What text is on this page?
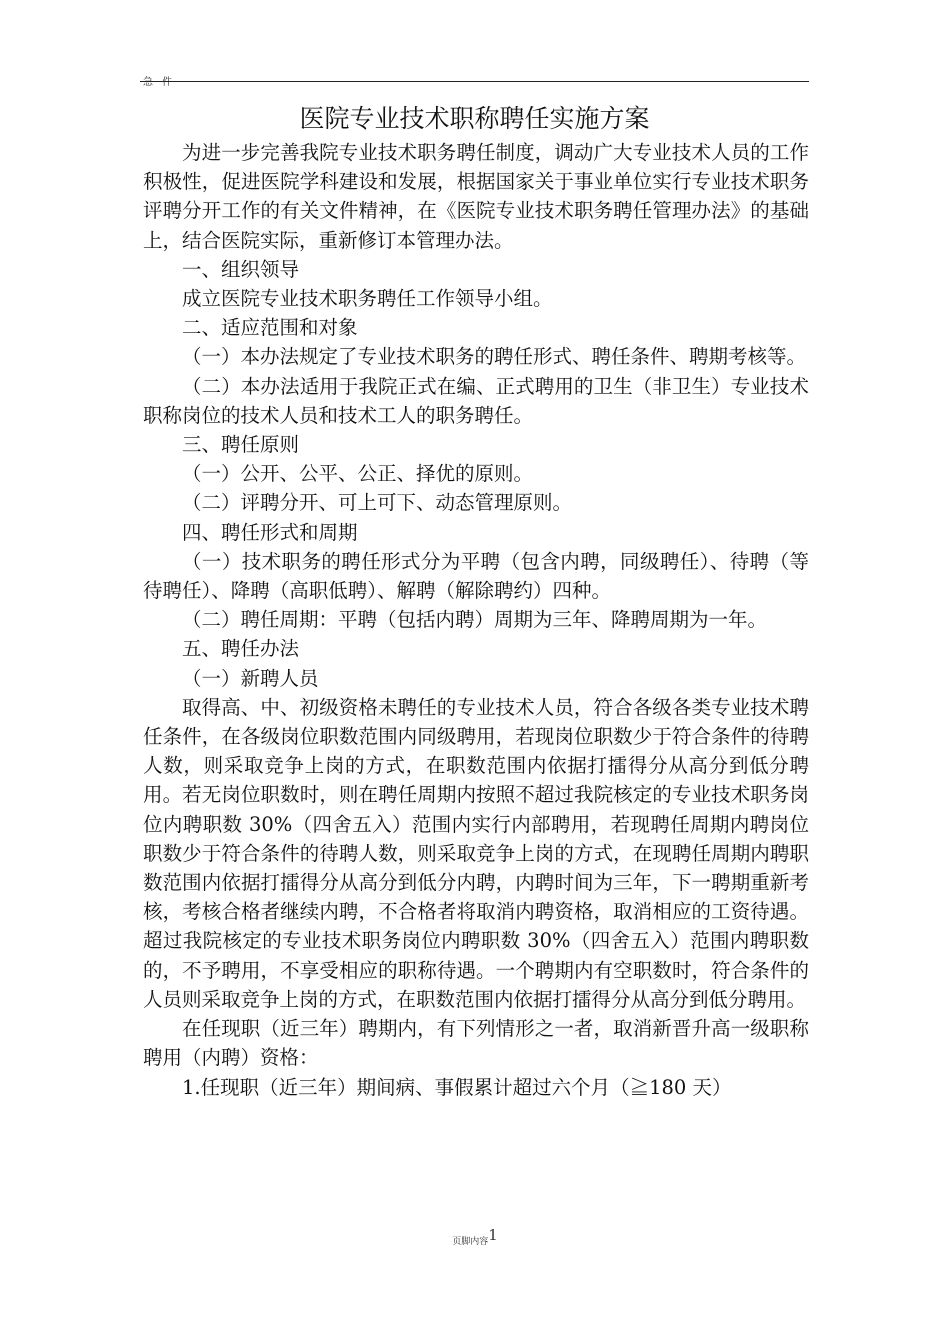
急 件
医院专业技术职称聘任实施方案

为进一步完善我院专业技术职务聘任制度，调动广大专业技术人员的工作积极性，促进医院学科建设和发展，根据国家关于事业单位实行专业技术职务评聘分开工作的有关文件精神，在《医院专业技术职务聘任管理办法》的基础上，结合医院实际，重新修订本管理办法。

一、组织领导

成立医院专业技术职务聘任工作领导小组。

二、适应范围和对象

（一）本办法规定了专业技术职务的聘任形式、聘任条件、聘期考核等。

（二）本办法适用于我院正式在编、正式聘用的卫生（非卫生）专业技术职称岗位的技术人员和技术工人的职务聘任。

三、聘任原则

（一）公开、公平、公正、择优的原则。

（二）评聘分开、可上可下、动态管理原则。

四、聘任形式和周期

（一）技术职务的聘任形式分为平聘（包含内聘，同级聘任）、待聘（等待聘任）、降聘（高职低聘）、解聘（解除聘约）四种。

（二）聘任周期：平聘（包括内聘）周期为三年、降聘周期为一年。

五、聘任办法

（一）新聘人员

取得高、中、初级资格未聘任的专业技术人员，符合各级各类专业技术聘任条件，在各级岗位职数范围内同级聘用，若现岗位职数少于符合条件的待聘人数，则采取竞争上岗的方式，在职数范围内依据打擂得分从高分到低分聘用。若无岗位职数时，则在聘任周期内按照不超过我院核定的专业技术职务岗位内聘职数 30%（四舍五入）范围内实行内部聘用，若现聘任周期内聘岗位职数少于符合条件的待聘人数，则采取竞争上岗的方式，在现聘任周期内聘职数范围内依据打擂得分从高分到低分内聘，内聘时间为三年，下一聘期重新考核，考核合格者继续内聘，不合格者将取消内聘资格，取消相应的工资待遇。超过我院核定的专业技术职务岗位内聘职数 30%（四舍五入）范围内聘职数的，不予聘用，不享受相应的职称待遇。一个聘期内有空职数时，符合条件的人员则采取竞争上岗的方式，在职数范围内依据打擂得分从高分到低分聘用。

在任现职（近三年）聘期内，有下列情形之一者，取消新晋升高一级职称聘用（内聘）资格：

1.任现职（近三年）期间病、事假累计超过六个月（≧180 天）

页脚内容1
